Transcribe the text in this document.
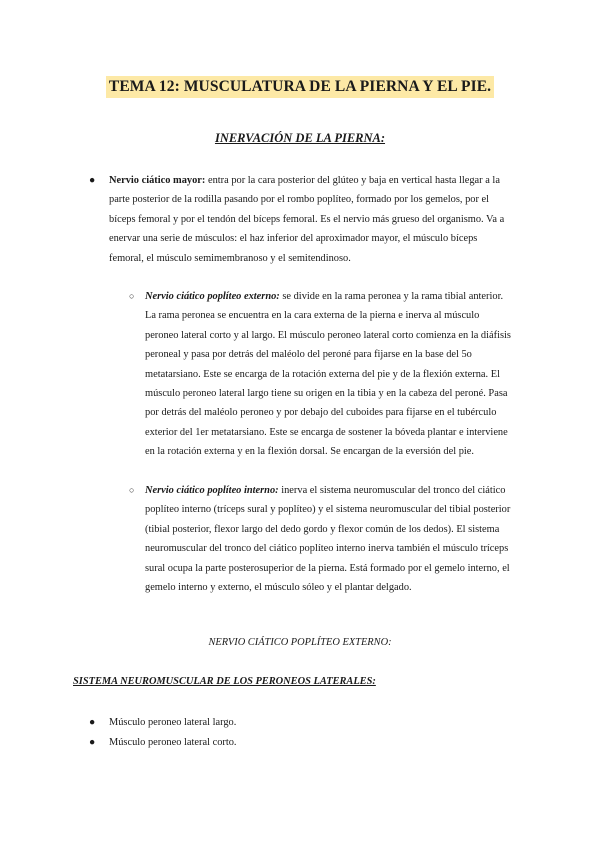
TEMA 12: MUSCULATURA DE LA PIERNA Y EL PIE.
INERVACIÓN DE LA PIERNA:
● Nervio ciático mayor: entra por la cara posterior del glúteo y baja en vertical hasta llegar a la parte posterior de la rodilla pasando por el rombo poplíteo, formado por los gemelos, por el bíceps femoral y por el tendón del bíceps femoral. Es el nervio más grueso del organismo. Va a enervar una serie de músculos: el haz inferior del aproximador mayor, el músculo bíceps femoral, el músculo semimembranoso y el semitendinoso.
○ Nervio ciático poplíteo externo: se divide en la rama peronea y la rama tibial anterior. La rama peronea se encuentra en la cara externa de la pierna e inerva al músculo peroneo lateral corto y al largo. El músculo peroneo lateral corto comienza en la diáfisis peroneal y pasa por detrás del maléolo del peroné para fijarse en la base del 5o metatarsiano. Este se encarga de la rotación externa del pie y de la flexión externa. El músculo peroneo lateral largo tiene su origen en la tibia y en la cabeza del peroné. Pasa por detrás del maléolo peroneo y por debajo del cuboides para fijarse en el tubérculo exterior del 1er metatarsiano. Este se encarga de sostener la bóveda plantar e interviene en la rotación externa y en la flexión dorsal. Se encargan de la eversión del pie.
○ Nervio ciático poplíteo interno: inerva el sistema neuromuscular del tronco del ciático poplíteo interno (tríceps sural y poplíteo) y el sistema neuromuscular del tibial posterior (tibial posterior, flexor largo del dedo gordo y flexor común de los dedos). El sistema neuromuscular del tronco del ciático poplíteo interno inerva también el músculo tríceps sural ocupa la parte posterosuperior de la pierna. Está formado por el gemelo interno, el gemelo interno y externo, el músculo sóleo y el plantar delgado.
NERVIO CIÁTICO POPLÍTEO EXTERNO:
SISTEMA NEUROMUSCULAR DE LOS PERONEOS LATERALES:
● Músculo peroneo lateral largo.
● Músculo peroneo lateral corto.
